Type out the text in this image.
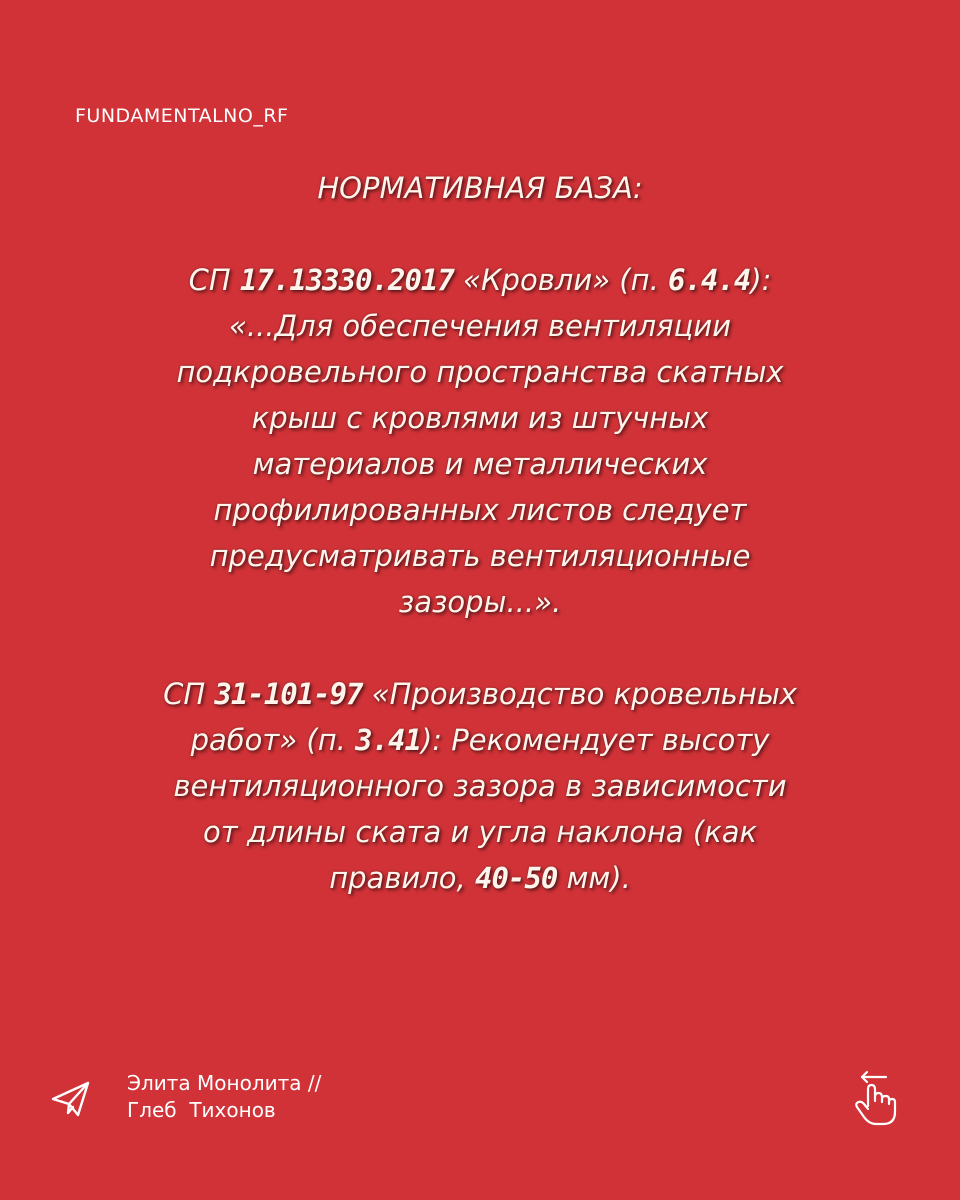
FUNDAMENTALNO_RF
НОРМАТИВНАЯ БАЗА:
СП 17.13330.2017 «Кровли» (п. 6.4.4): «...Для обеспечения вентиляции подкровельного пространства скатных крыш с кровлями из штучных материалов и металлических профилированных листов следует предусматривать вентиляционные зазоры...».
СП 31-101-97 «Производство кровельных работ» (п. 3.41): Рекомендует высоту вентиляционного зазора в зависимости от длины ската и угла наклона (как правило, 40-50 мм).
Элита Монолита //
Глеб  Тихонов
